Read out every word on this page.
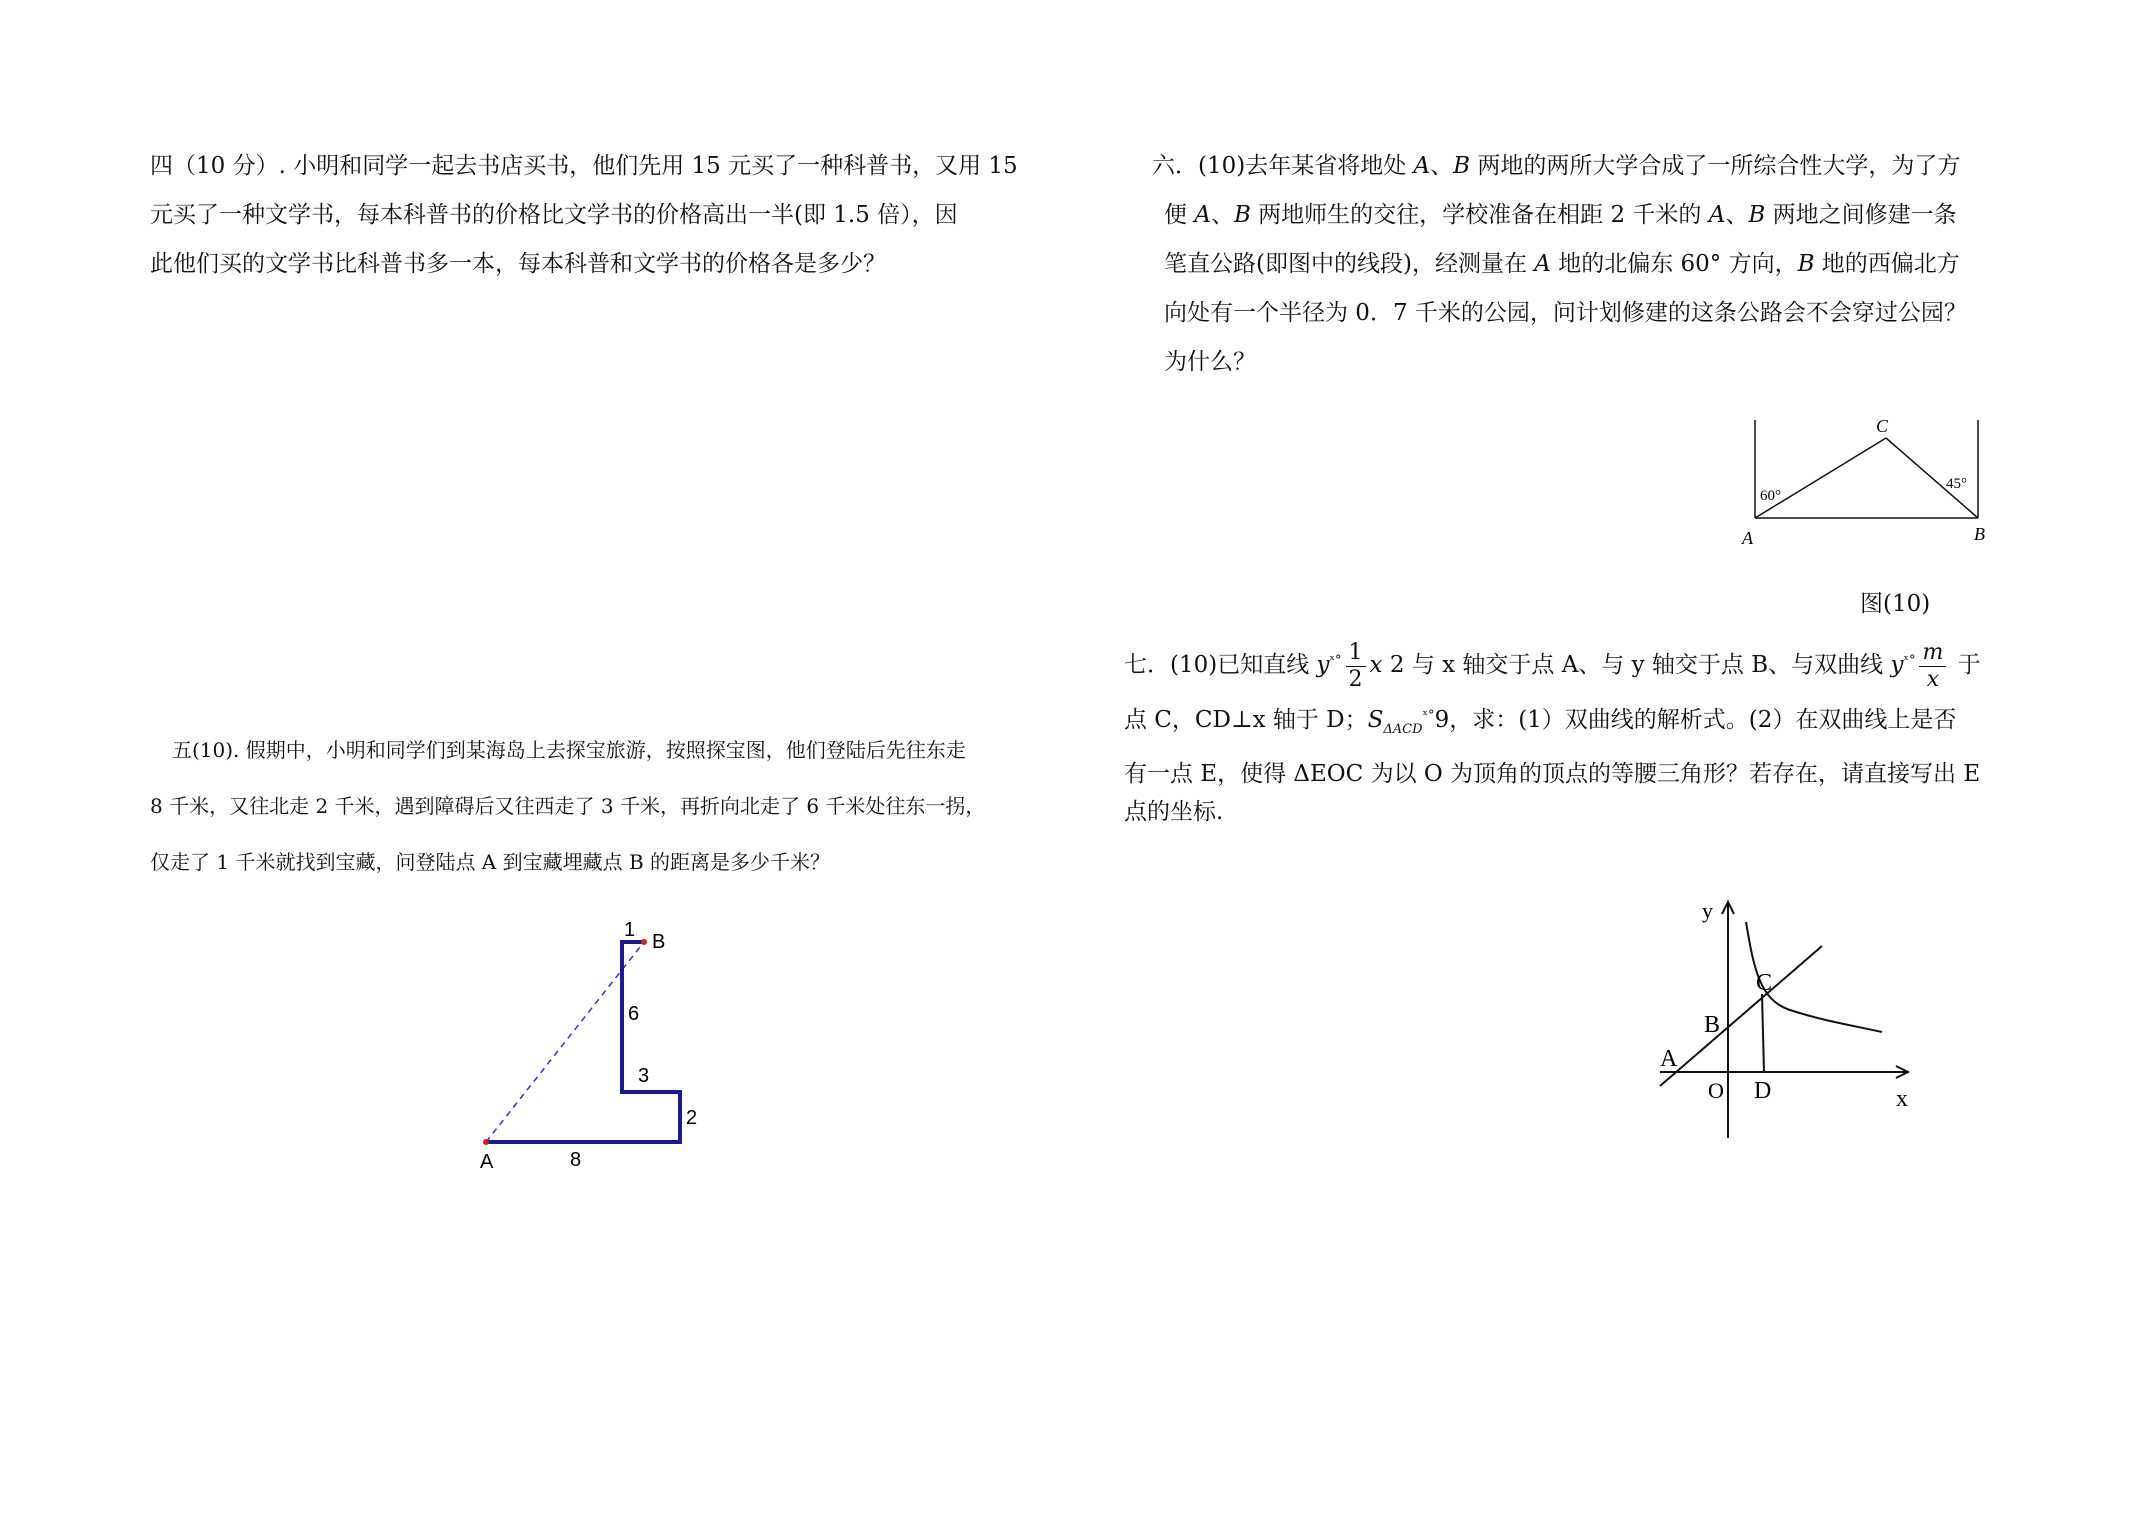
四（10 分）. 小明和同学一起去书店买书，他们先用 15 元买了一种科普书，又用 15

元买了一种文学书，每本科普书的价格比文学书的价格高出一半(即 1.5 倍），因

此他们买的文学书比科普书多一本，每本科普和文学书的价格各是多少？

五(10). 假期中，小明和同学们到某海岛上去探宝旅游，按照探宝图，他们登陆后先往东走

8 千米，又往北走 2 千米，遇到障碍后又往西走了 3 千米，再折向北走了 6 千米处往东一拐，

仅走了 1 千米就找到宝藏，问登陆点 A 到宝藏埋藏点 B 的距离是多少千米？

A
B
8
2
3
6
1

六．(10)去年某省将地处 A、B 两地的两所大学合成了一所综合性大学，为了方

便 A、B 两地师生的交往，学校准备在相距 2 千米的 A、B 两地之间修建一条

笔直公路(即图中的线段)，经测量在 A 地的北偏东 60° 方向，B 地的西偏北方

向处有一个半径为 0．7 千米的公园，问计划修建的这条公路会不会穿过公园？

为什么？

A	B
C
60°
45°
图(10)

七．(10)已知直线 $y^{ˣ^\circ} \frac{1}{2}$ x 2 与 x 轴交于点 A、与 y 轴交于点 B、与双曲线 $y^{ˣ^\circ} \frac{m}{x}$ 于

点 C，CD⊥x 轴于 D；$S_{\Delta ACD}^{ˣ^\circ}9$，求：(1）双曲线的解析式。(2）在双曲线上是否

有一点 E，使得 ΔEOC 为以 O 为顶角的顶点的等腰三角形？若存在，请直接写出 E

点的坐标.

y
x
O
A
B
C
D
